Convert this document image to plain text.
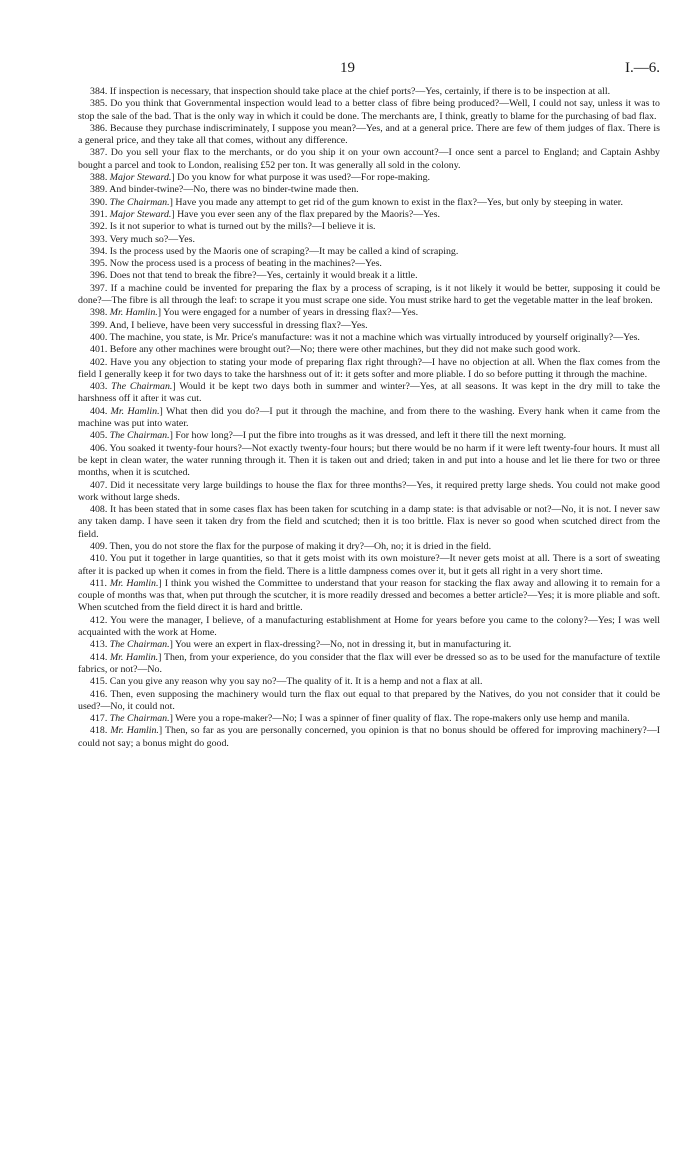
19	I.—6.

384. If inspection is necessary, that inspection should take place at the chief ports?—Yes, certainly, if there is to be inspection at all.

385. Do you think that Governmental inspection would lead to a better class of fibre being produced?—Well, I could not say, unless it was to stop the sale of the bad. That is the only way in which it could be done. The merchants are, I think, greatly to blame for the purchasing of bad flax.

386. Because they purchase indiscriminately, I suppose you mean?—Yes, and at a general price. There are few of them judges of flax. There is a general price, and they take all that comes, without any difference.

387. Do you sell your flax to the merchants, or do you ship it on your own account?—I once sent a parcel to England; and Captain Ashby bought a parcel and took to London, realising £52 per ton. It was generally all sold in the colony.

388. Major Steward.] Do you know for what purpose it was used?—For rope-making.

389. And binder-twine?—No, there was no binder-twine made then.

390. The Chairman.] Have you made any attempt to get rid of the gum known to exist in the flax?—Yes, but only by steeping in water.

391. Major Steward.] Have you ever seen any of the flax prepared by the Maoris?—Yes.

392. Is it not superior to what is turned out by the mills?—I believe it is.

393. Very much so?—Yes.

394. Is the process used by the Maoris one of scraping?—It may be called a kind of scraping.

395. Now the process used is a process of beating in the machines?—Yes.

396. Does not that tend to break the fibre?—Yes, certainly it would break it a little.

397. If a machine could be invented for preparing the flax by a process of scraping, is it not likely it would be better, supposing it could be done?—The fibre is all through the leaf: to scrape it you must scrape one side. You must strike hard to get the vegetable matter in the leaf broken.

398. Mr. Hamlin.] You were engaged for a number of years in dressing flax?—Yes.

399. And, I believe, have been very successful in dressing flax?—Yes.

400. The machine, you state, is Mr. Price's manufacture: was it not a machine which was virtually introduced by yourself originally?—Yes.

401. Before any other machines were brought out?—No; there were other machines, but they did not make such good work.

402. Have you any objection to stating your mode of preparing flax right through?—I have no objection at all. When the flax comes from the field I generally keep it for two days to take the harshness out of it: it gets softer and more pliable. I do so before putting it through the machine.

403. The Chairman.] Would it be kept two days both in summer and winter?—Yes, at all seasons. It was kept in the dry mill to take the harshness off it after it was cut.

404. Mr. Hamlin.] What then did you do?—I put it through the machine, and from there to the washing. Every hank when it came from the machine was put into water.

405. The Chairman.] For how long?—I put the fibre into troughs as it was dressed, and left it there till the next morning.

406. You soaked it twenty-four hours?—Not exactly twenty-four hours; but there would be no harm if it were left twenty-four hours. It must all be kept in clean water, the water running through it. Then it is taken out and dried; taken in and put into a house and let lie there for two or three months, when it is scutched.

407. Did it necessitate very large buildings to house the flax for three months?—Yes, it required pretty large sheds. You could not make good work without large sheds.

408. It has been stated that in some cases flax has been taken for scutching in a damp state: is that advisable or not?—No, it is not. I never saw any taken damp. I have seen it taken dry from the field and scutched; then it is too brittle. Flax is never so good when scutched direct from the field.

409. Then, you do not store the flax for the purpose of making it dry?—Oh, no; it is dried in the field.

410. You put it together in large quantities, so that it gets moist with its own moisture?—It never gets moist at all. There is a sort of sweating after it is packed up when it comes in from the field. There is a little dampness comes over it, but it gets all right in a very short time.

411. Mr. Hamlin.] I think you wished the Committee to understand that your reason for stacking the flax away and allowing it to remain for a couple of months was that, when put through the scutcher, it is more readily dressed and becomes a better article?—Yes; it is more pliable and soft. When scutched from the field direct it is hard and brittle.

412. You were the manager, I believe, of a manufacturing establishment at Home for years before you came to the colony?—Yes; I was well acquainted with the work at Home.

413. The Chairman.] You were an expert in flax-dressing?—No, not in dressing it, but in manufacturing it.

414. Mr. Hamlin.] Then, from your experience, do you consider that the flax will ever be dressed so as to be used for the manufacture of textile fabrics, or not?—No.

415. Can you give any reason why you say no?—The quality of it. It is a hemp and not a flax at all.

416. Then, even supposing the machinery would turn the flax out equal to that prepared by the Natives, do you not consider that it could be used?—No, it could not.

417. The Chairman.] Were you a rope-maker?—No; I was a spinner of finer quality of flax. The rope-makers only use hemp and manila.

418. Mr. Hamlin.] Then, so far as you are personally concerned, you opinion is that no bonus should be offered for improving machinery?—I could not say; a bonus might do good.
